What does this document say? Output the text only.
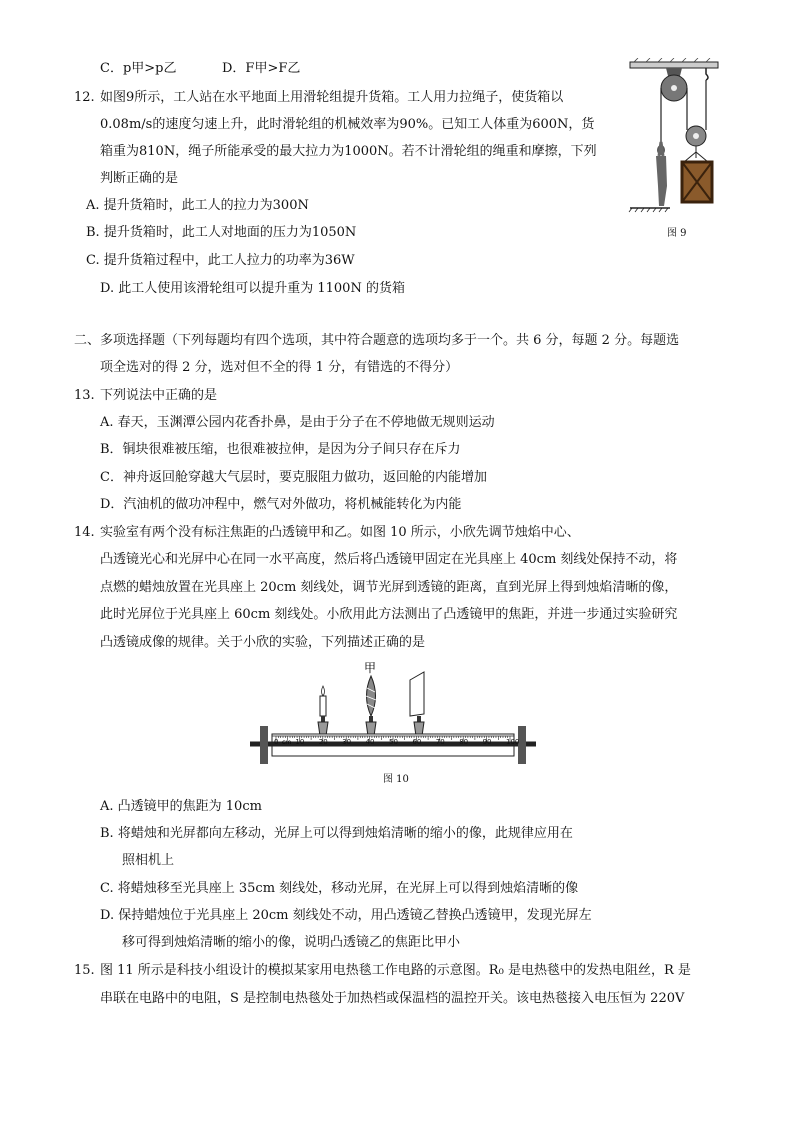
C．p甲>p乙	D．F甲>F乙
12. 如图9所示，工人站在水平地面上用滑轮组提升货箱。工人用力拉绳子，使货箱以
0.08m/s的速度匀速上升，此时滑轮组的机械效率为90%。已知工人体重为600N，货
箱重为810N，绳子所能承受的最大拉力为1000N。若不计滑轮组的绳重和摩擦，下列
判断正确的是
A. 提升货箱时，此工人的拉力为300N
B. 提升货箱时，此工人对地面的压力为1050N
C. 提升货箱过程中，此工人拉力的功率为36W
D. 此工人使用该滑轮组可以提升重为 1100N 的货箱
图 9
二、多项选择题（下列每题均有四个选项，其中符合题意的选项均多于一个。共 6 分，每题 2 分。每题选
项全选对的得 2 分，选对但不全的得 1 分，有错选的不得分）
13. 下列说法中正确的是
A. 春天，玉渊潭公园内花香扑鼻，是由于分子在不停地做无规则运动
B．铜块很难被压缩，也很难被拉伸，是因为分子间只存在斥力
C．神舟返回舱穿越大气层时，要克服阻力做功，返回舱的内能增加
D．汽油机的做功冲程中，燃气对外做功，将机械能转化为内能
14. 实验室有两个没有标注焦距的凸透镜甲和乙。如图 10 所示，小欣先调节烛焰中心、
凸透镜光心和光屏中心在同一水平高度，然后将凸透镜甲固定在光具座上 40cm 刻线处保持不动，将
点燃的蜡烛放置在光具座上 20cm 刻线处，调节光屏到透镜的距离，直到光屏上得到烛焰清晰的像，
此时光屏位于光具座上 60cm 刻线处。小欣用此方法测出了凸透镜甲的焦距，并进一步通过实验研究
凸透镜成像的规律。关于小欣的实验，下列描述正确的是
甲
10 20 30 40 50 60 70 80 90 100
0 cm
图 10
A. 凸透镜甲的焦距为 10cm
B. 将蜡烛和光屏都向左移动，光屏上可以得到烛焰清晰的缩小的像，此规律应用在
照相机上
C. 将蜡烛移至光具座上 35cm 刻线处，移动光屏，在光屏上可以得到烛焰清晰的像
D. 保持蜡烛位于光具座上 20cm 刻线处不动，用凸透镜乙替换凸透镜甲，发现光屏左
移可得到烛焰清晰的缩小的像，说明凸透镜乙的焦距比甲小
15. 图 11 所示是科技小组设计的模拟某家用电热毯工作电路的示意图。R₀ 是电热毯中的发热电阻丝，R 是
串联在电路中的电阻，S 是控制电热毯处于加热档或保温档的温控开关。该电热毯接入电压恒为 220V
